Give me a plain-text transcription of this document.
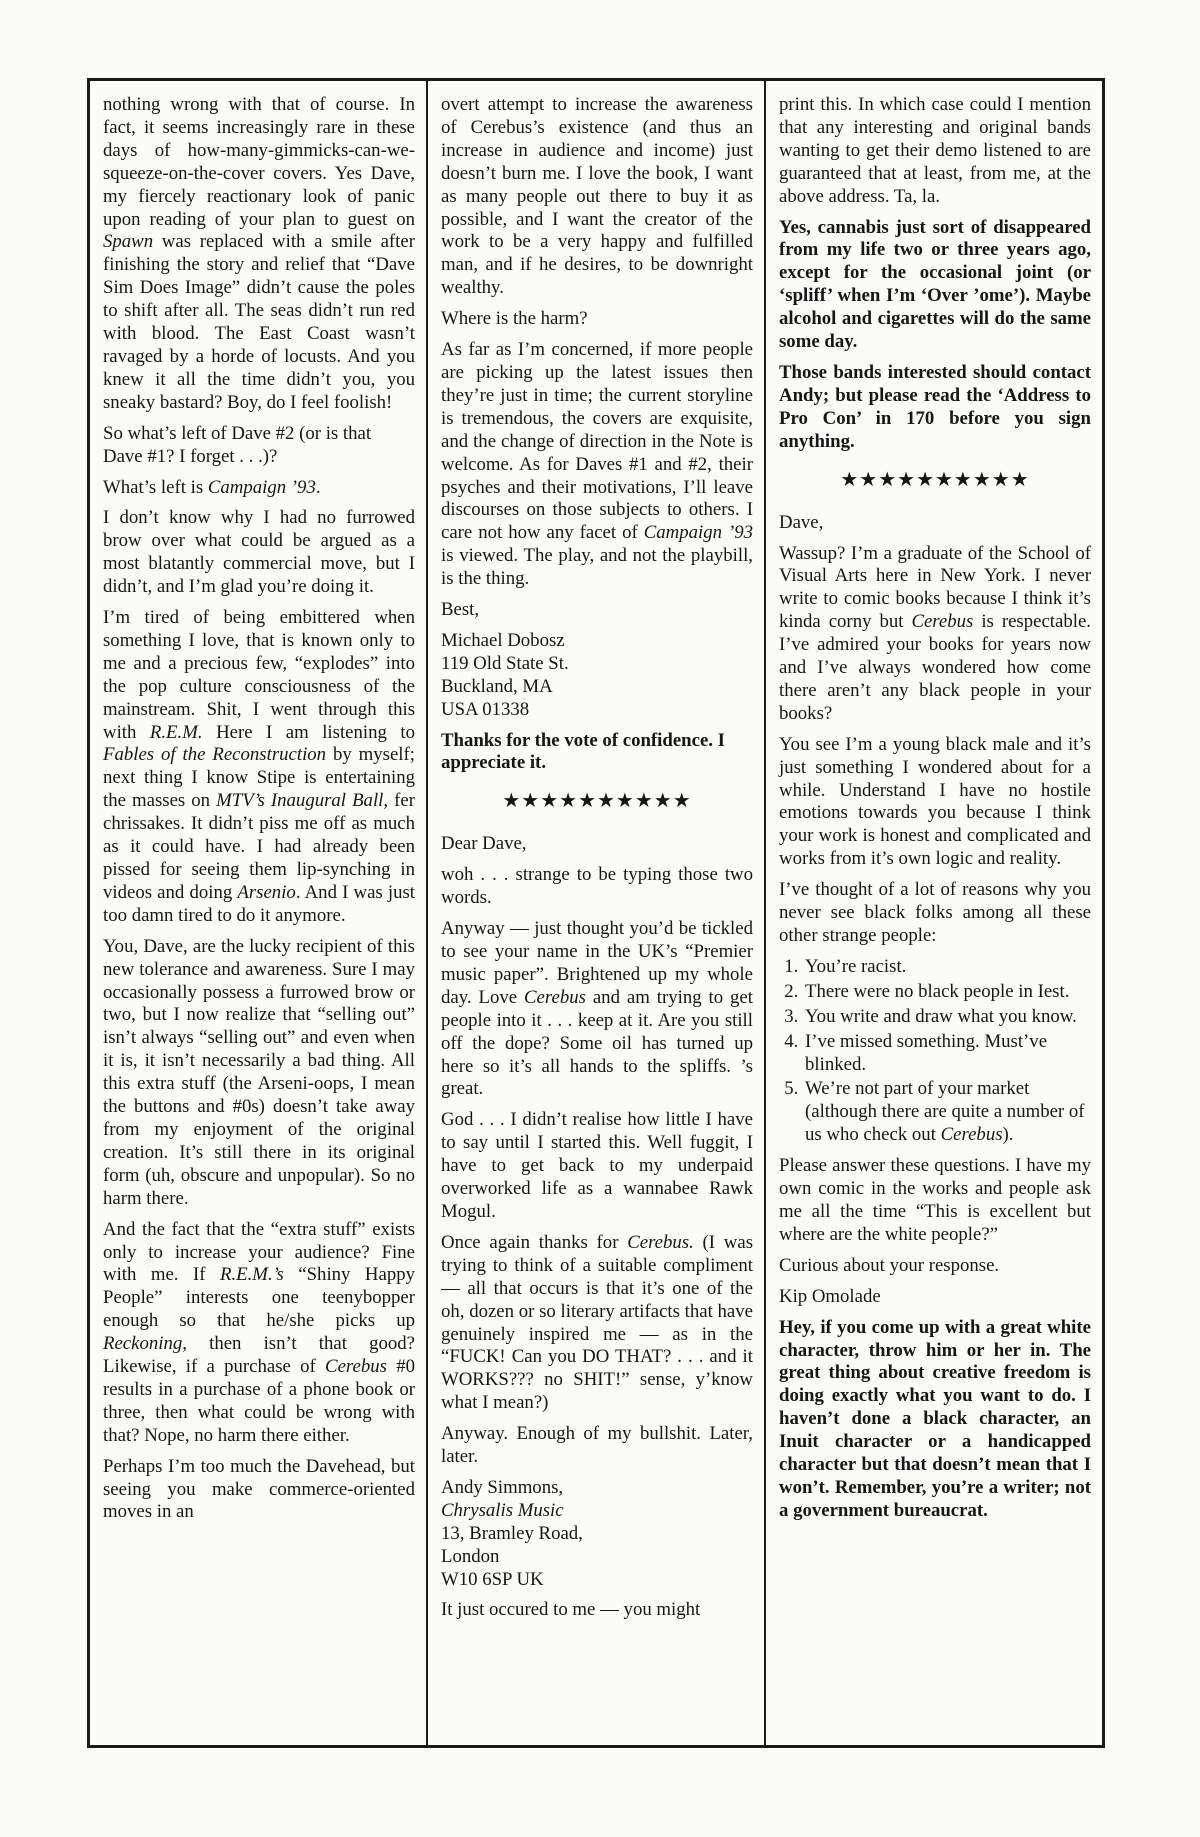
nothing wrong with that of course. In fact, it seems increasingly rare in these days of how-many-gimmicks-can-we-squeeze-on-the-cover covers. Yes Dave, my fiercely reactionary look of panic upon reading of your plan to guest on Spawn was replaced with a smile after finishing the story and relief that “Dave Sim Does Image” didn’t cause the poles to shift after all. The seas didn’t run red with blood. The East Coast wasn’t ravaged by a horde of locusts. And you knew it all the time didn’t you, you sneaky bastard? Boy, do I feel foolish!

So what’s left of Dave #2 (or is that Dave #1? I forget . . .)?

What’s left is Campaign ’93.

I don’t know why I had no furrowed brow over what could be argued as a most blatantly commercial move, but I didn’t, and I’m glad you’re doing it.

I’m tired of being embittered when something I love, that is known only to me and a precious few, “explodes” into the pop culture consciousness of the mainstream. Shit, I went through this with R.E.M. Here I am listening to Fables of the Reconstruction by myself; next thing I know Stipe is entertaining the masses on MTV’s Inaugural Ball, fer chrissakes. It didn’t piss me off as much as it could have. I had already been pissed for seeing them lip-synching in videos and doing Arsenio. And I was just too damn tired to do it anymore.

You, Dave, are the lucky recipient of this new tolerance and awareness. Sure I may occasionally possess a furrowed brow or two, but I now realize that “selling out” isn’t always “selling out” and even when it is, it isn’t necessarily a bad thing. All this extra stuff (the Arseni-oops, I mean the buttons and #0s) doesn’t take away from my enjoyment of the original creation. It’s still there in its original form (uh, obscure and unpopular). So no harm there.

And the fact that the “extra stuff” exists only to increase your audience? Fine with me. If R.E.M.’s “Shiny Happy People” interests one teenybopper enough so that he/she picks up Reckoning, then isn’t that good? Likewise, if a purchase of Cerebus #0 results in a purchase of a phone book or three, then what could be wrong with that? Nope, no harm there either.

Perhaps I’m too much the Davehead, but seeing you make commerce-oriented moves in an

overt attempt to increase the awareness of Cerebus’s existence (and thus an increase in audience and income) just doesn’t burn me. I love the book, I want as many people out there to buy it as possible, and I want the creator of the work to be a very happy and fulfilled man, and if he desires, to be downright wealthy.

Where is the harm?

As far as I’m concerned, if more people are picking up the latest issues then they’re just in time; the current storyline is tremendous, the covers are exquisite, and the change of direction in the Note is welcome. As for Daves #1 and #2, their psyches and their motivations, I’ll leave discourses on those subjects to others. I care not how any facet of Campaign ’93 is viewed. The play, and not the playbill, is the thing.

Best,

Michael Dobosz
119 Old State St.
Buckland, MA
USA 01338

Thanks for the vote of confidence. I appreciate it.

★★★★★★★★★★

Dear Dave,

woh . . . strange to be typing those two words.

Anyway — just thought you’d be tickled to see your name in the UK’s “Premier music paper”. Brightened up my whole day. Love Cerebus and am trying to get people into it . . . keep at it. Are you still off the dope? Some oil has turned up here so it’s all hands to the spliffs. ’s great.

God . . . I didn’t realise how little I have to say until I started this. Well fuggit, I have to get back to my underpaid overworked life as a wannabee Rawk Mogul.

Once again thanks for Cerebus. (I was trying to think of a suitable compliment — all that occurs is that it’s one of the oh, dozen or so literary artifacts that have genuinely inspired me — as in the “FUCK! Can you DO THAT? . . . and it WORKS??? no SHIT!” sense, y’know what I mean?)

Anyway. Enough of my bullshit. Later, later.

Andy Simmons,
Chrysalis Music
13, Bramley Road,
London
W10 6SP UK

It just occured to me — you might

print this. In which case could I mention that any interesting and original bands wanting to get their demo listened to are guaranteed that at least, from me, at the above address. Ta, la.

Yes, cannabis just sort of disappeared from my life two or three years ago, except for the occasional joint (or ‘spliff’ when I’m ‘Over ’ome’). Maybe alcohol and cigarettes will do the same some day.

Those bands interested should contact Andy; but please read the ‘Address to Pro Con’ in 170 before you sign anything.

★★★★★★★★★★

Dave,

Wassup? I’m a graduate of the School of Visual Arts here in New York. I never write to comic books because I think it’s kinda corny but Cerebus is respectable. I’ve admired your books for years now and I’ve always wondered how come there aren’t any black people in your books?

You see I’m a young black male and it’s just something I wondered about for a while. Understand I have no hostile emotions towards you because I think your work is honest and complicated and works from it’s own logic and reality.

I’ve thought of a lot of reasons why you never see black folks among all these other strange people:

1. You’re racist.
2. There were no black people in Iest.
3. You write and draw what you know.
4. I’ve missed something. Must’ve blinked.
5. We’re not part of your market (although there are quite a number of us who check out Cerebus).

Please answer these questions. I have my own comic in the works and people ask me all the time “This is excellent but where are the white people?”

Curious about your response.

Kip Omolade

Hey, if you come up with a great white character, throw him or her in. The great thing about creative freedom is doing exactly what you want to do. I haven’t done a black character, an Inuit character or a handicapped character but that doesn’t mean that I won’t. Remember, you’re a writer; not a government bureaucrat.
